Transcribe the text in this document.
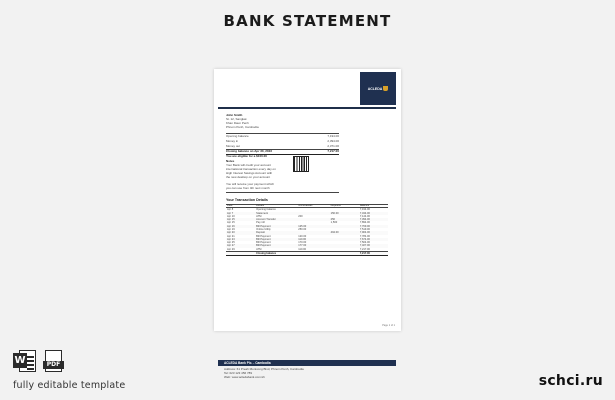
BANK STATEMENT
ACLEDA
John Smith
St. 12, Sangkat
Khan Daun Penh
Phnom Penh, Cambodia
Opening balance	7,194.00
Money in	2,394.00
Money out	2,371.00
Closing balance on Apr 30, 2023	7,217.00
You are eligible for a $100.00
Notes
Your Bank will credit your account
international transaction every day on
High Interest Savings Account with
the new desktop on your account
You will receive your payment which
you can use from 4th next month
Your Transaction Details
Date	Details	Withdrawals	Deposits	Balance
Apr 8	Opening balance			7,194.00
Apr 7	Statement		150.00	7,344.00
Apr 10	ATM	200		7,144.00
Apr 15	Account Transfer		250	7,394.00
Apr 15	Pay roll		1,500	7,894.00
Apr 16	Bill Payment	125.00		7,769.00
Apr 19	Online Utility	250.00		7,519.00
Apr 20	Deposit		494.00	7,904.00
Apr 21	Bill Payment	120.00		7,784.00
Apr 23	Bill Payment	110.00		7,674.00
Apr 25	Bill Payment	170.00		7,504.00
Apr 27	Bill Payment	177.00		7,327.00
Apr 29	ATM	110.00		7,217.00
	Closing balance			7,217.00
ACLEDA Bank Plc. - Cambodia
Address: 61 Preah Monivong Blvd, Phnom Penh, Cambodia
Tel: 023 123 456 789
Web: www.acledabank.com.kh
Page 1 of 1
W	PDF
fully editable template	schci.ru
